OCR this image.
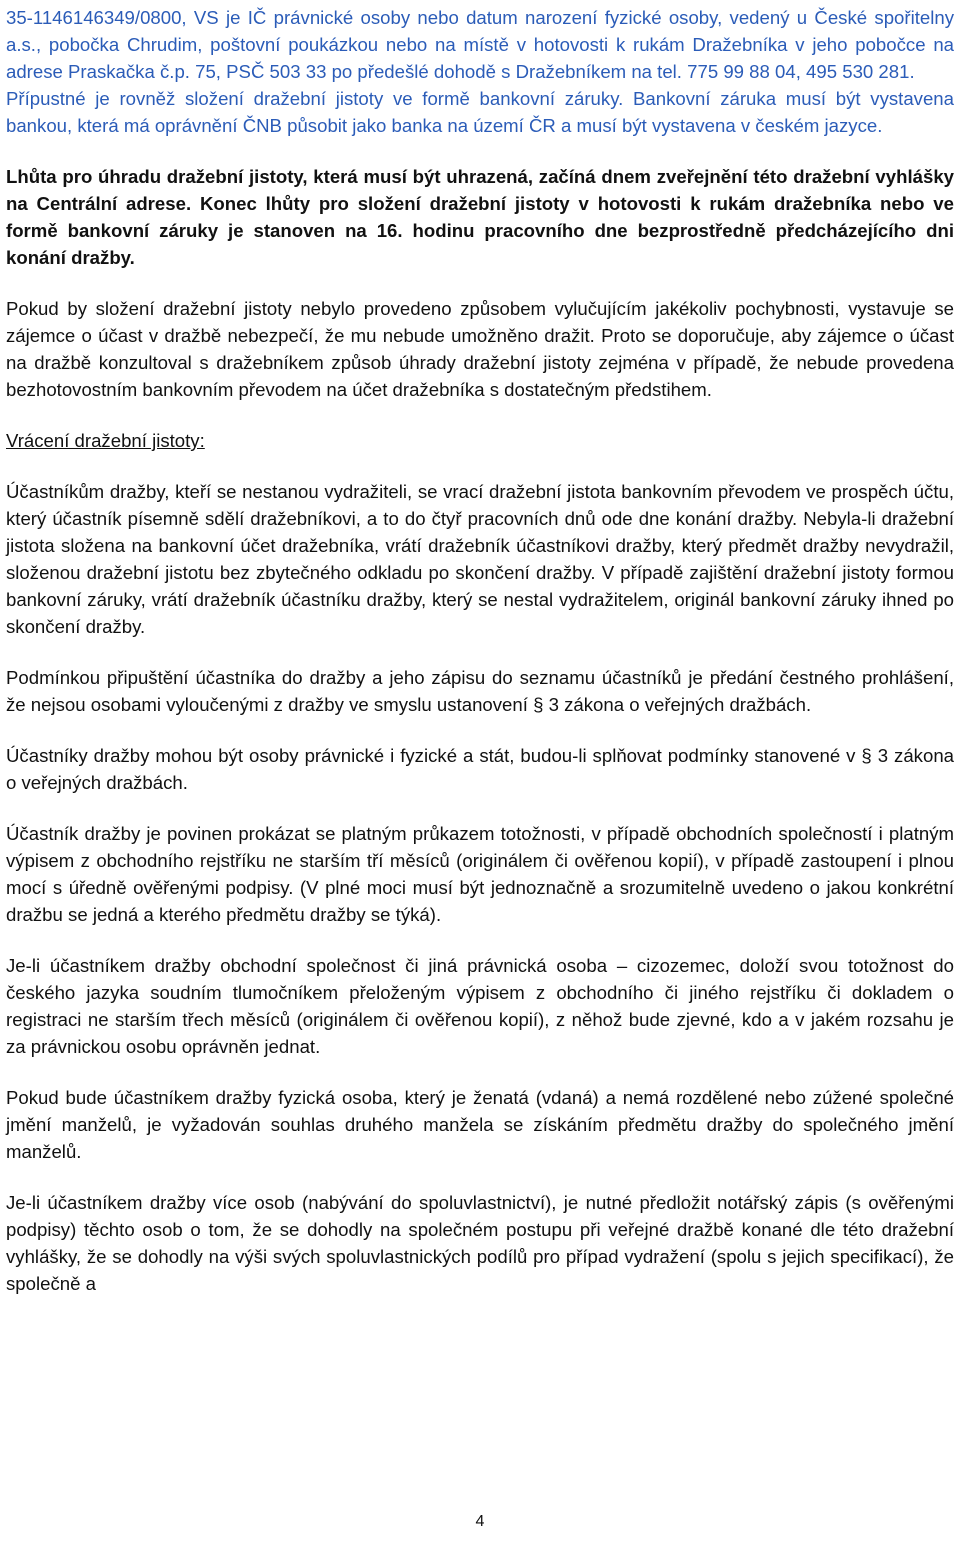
35-1146146349/0800, VS je IČ právnické osoby nebo datum narození fyzické osoby, vedený u České spořitelny a.s., pobočka Chrudim, poštovní poukázkou nebo na místě v hotovosti k rukám Dražebníka v jeho pobočce na adrese Praskačka č.p. 75, PSČ 503 33 po předešlé dohodě s Dražebníkem na tel. 775 99 88 04, 495 530 281.

Přípustné je rovněž složení dražební jistoty ve formě bankovní záruky. Bankovní záruka musí být vystavena bankou, která má oprávnění ČNB působit jako banka na území ČR a musí být vystavena v českém jazyce.

Lhůta pro úhradu dražební jistoty, která musí být uhrazená, začíná dnem zveřejnění této dražební vyhlášky na Centrální adrese. Konec lhůty pro složení dražební jistoty v hotovosti k rukám dražebníka nebo ve formě bankovní záruky je stanoven na 16. hodinu pracovního dne bezprostředně předcházejícího dni konání dražby.

Pokud by složení dražební jistoty nebylo provedeno způsobem vylučujícím jakékoliv pochybnosti, vystavuje se zájemce o účast v dražbě nebezpečí, že mu nebude umožněno dražit. Proto se doporučuje, aby zájemce o účast na dražbě konzultoval s dražebníkem způsob úhrady dražební jistoty zejména v případě, že nebude provedena bezhotovostním bankovním převodem na účet dražebníka s dostatečným předstihem.

Vrácení dražební jistoty:

Účastníkům dražby, kteří se nestanou vydražiteli, se vrací dražební jistota bankovním převodem ve prospěch účtu, který účastník písemně sdělí dražebníkovi, a to do čtyř pracovních dnů ode dne konání dražby. Nebyla-li dražební jistota složena na bankovní účet dražebníka, vrátí dražebník účastníkovi dražby, který předmět dražby nevydražil, složenou dražební jistotu bez zbytečného odkladu po skončení dražby. V případě zajištění dražební jistoty formou bankovní záruky, vrátí dražebník účastníku dražby, který se nestal vydražitelem, originál bankovní záruky ihned po skončení dražby.

Podmínkou připuštění účastníka do dražby a jeho zápisu do seznamu účastníků je předání čestného prohlášení, že nejsou osobami vyloučenými z dražby ve smyslu ustanovení § 3 zákona o veřejných dražbách.

Účastníky dražby mohou být osoby právnické i fyzické a stát, budou-li splňovat podmínky stanovené v § 3 zákona o veřejných dražbách.

Účastník dražby je povinen prokázat se platným průkazem totožnosti, v případě obchodních společností i platným výpisem z obchodního rejstříku ne starším tří měsíců (originálem či ověřenou kopií), v případě zastoupení i plnou mocí s úředně ověřenými podpisy. (V plné moci musí být jednoznačně a srozumitelně uvedeno o jakou konkrétní dražbu se jedná a kterého předmětu dražby se týká).

Je-li účastníkem dražby obchodní společnost či jiná právnická osoba – cizozemec, doloží svou totožnost do českého jazyka soudním tlumočníkem přeloženým výpisem z obchodního či jiného rejstříku či dokladem o registraci ne starším třech měsíců (originálem či ověřenou kopií), z něhož bude zjevné, kdo a v jakém rozsahu je za právnickou osobu oprávněn jednat.

Pokud bude účastníkem dražby fyzická osoba, který je ženatá (vdaná) a nemá rozdělené nebo zúžené společné jmění manželů, je vyžadován souhlas druhého manžela se získáním předmětu dražby do společného jmění manželů.

Je-li účastníkem dražby více osob (nabývání do spoluvlastnictví), je nutné předložit notářský zápis (s ověřenými podpisy) těchto osob o tom, že se dohodly na společném postupu při veřejné dražbě konané dle této dražební vyhlášky, že se dohodly na výši svých spoluvlastnických podílů pro případ vydražení (spolu s jejich specifikací), že společně a

4
